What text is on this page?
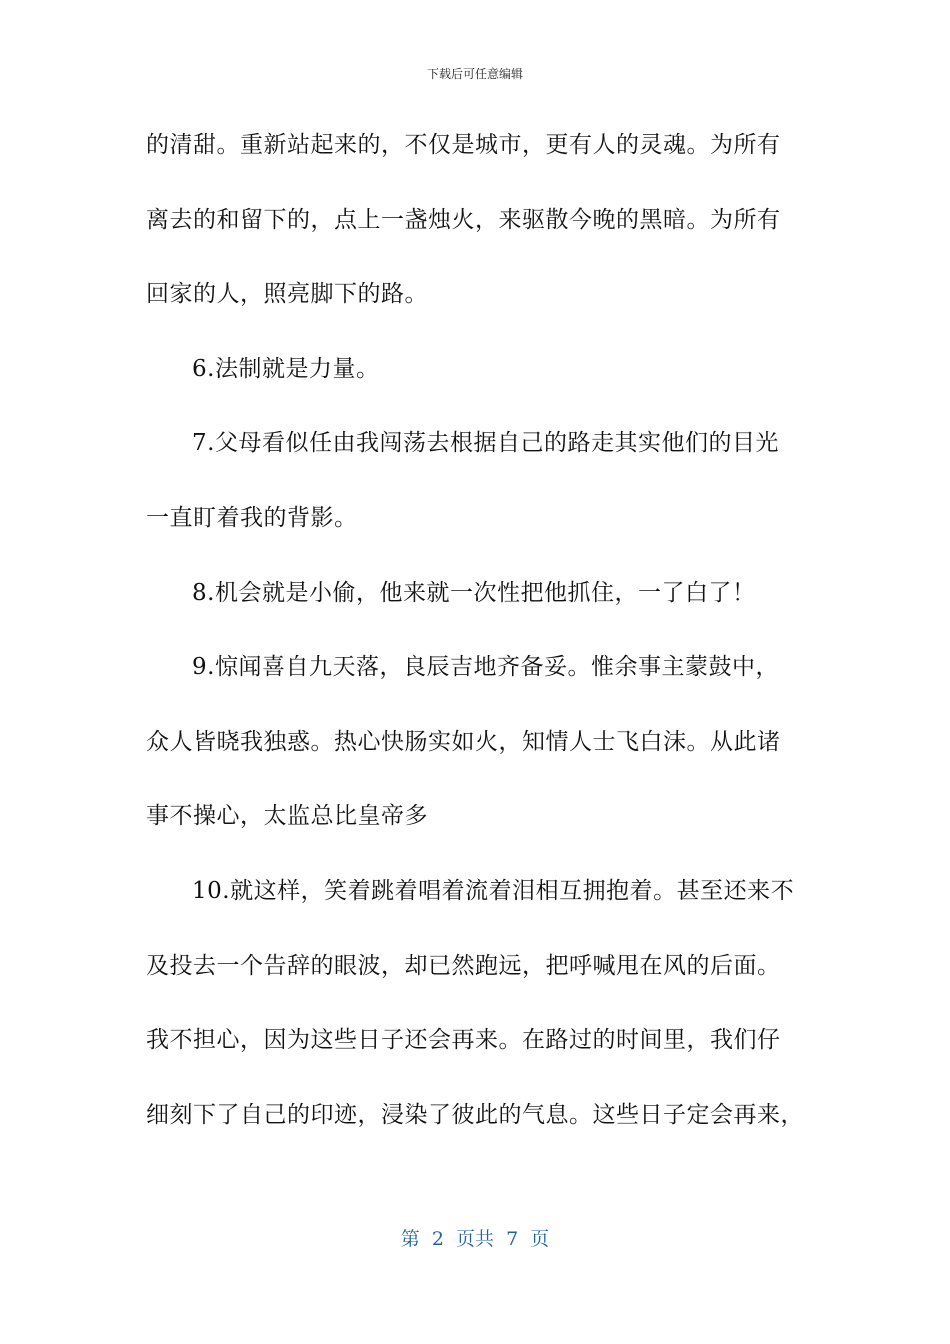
下载后可任意编辑
的清甜。重新站起来的，不仅是城市，更有人的灵魂。为所有
离去的和留下的，点上一盏烛火，来驱散今晚的黑暗。为所有
回家的人，照亮脚下的路。
6.法制就是力量。
7.父母看似任由我闯荡去根据自己的路走其实他们的目光
一直盯着我的背影。
8.机会就是小偷，他来就一次性把他抓住，一了白了！
9.惊闻喜自九天落，良辰吉地齐备妥。惟余事主蒙鼓中，
众人皆晓我独惑。热心快肠实如火，知情人士飞白沫。从此诸
事不操心，太监总比皇帝多
10.就这样，笑着跳着唱着流着泪相互拥抱着。甚至还来不
及投去一个告辞的眼波，却已然跑远，把呼喊甩在风的后面。
我不担心，因为这些日子还会再来。在路过的时间里，我们仔
细刻下了自己的印迹，浸染了彼此的气息。这些日子定会再来，
第  2  页共  7  页
